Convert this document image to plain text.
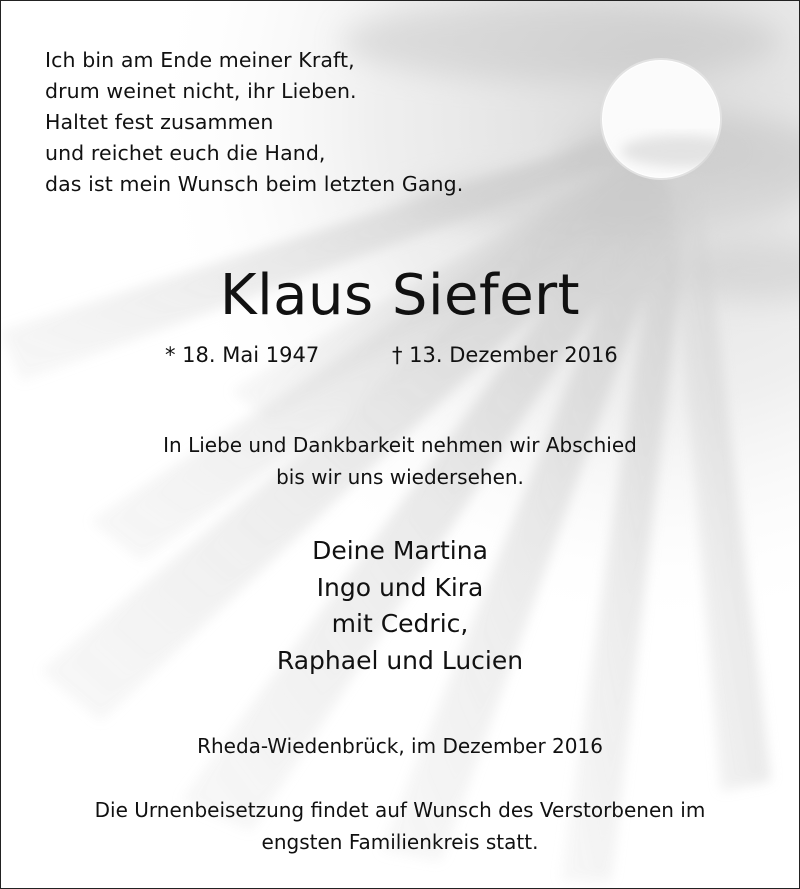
Ich bin am Ende meiner Kraft,
drum weinet nicht, ihr Lieben.
Haltet fest zusammen
und reichet euch die Hand,
das ist mein Wunsch beim letzten Gang.
Klaus Siefert
* 18. Mai 1947	† 13. Dezember 2016
In Liebe und Dankbarkeit nehmen wir Abschied
bis wir uns wiedersehen.
Deine Martina
Ingo und Kira
mit Cedric,
Raphael und Lucien
Rheda-Wiedenbrück, im Dezember 2016
Die Urnenbeisetzung findet auf Wunsch des Verstorbenen im
engsten Familienkreis statt.
